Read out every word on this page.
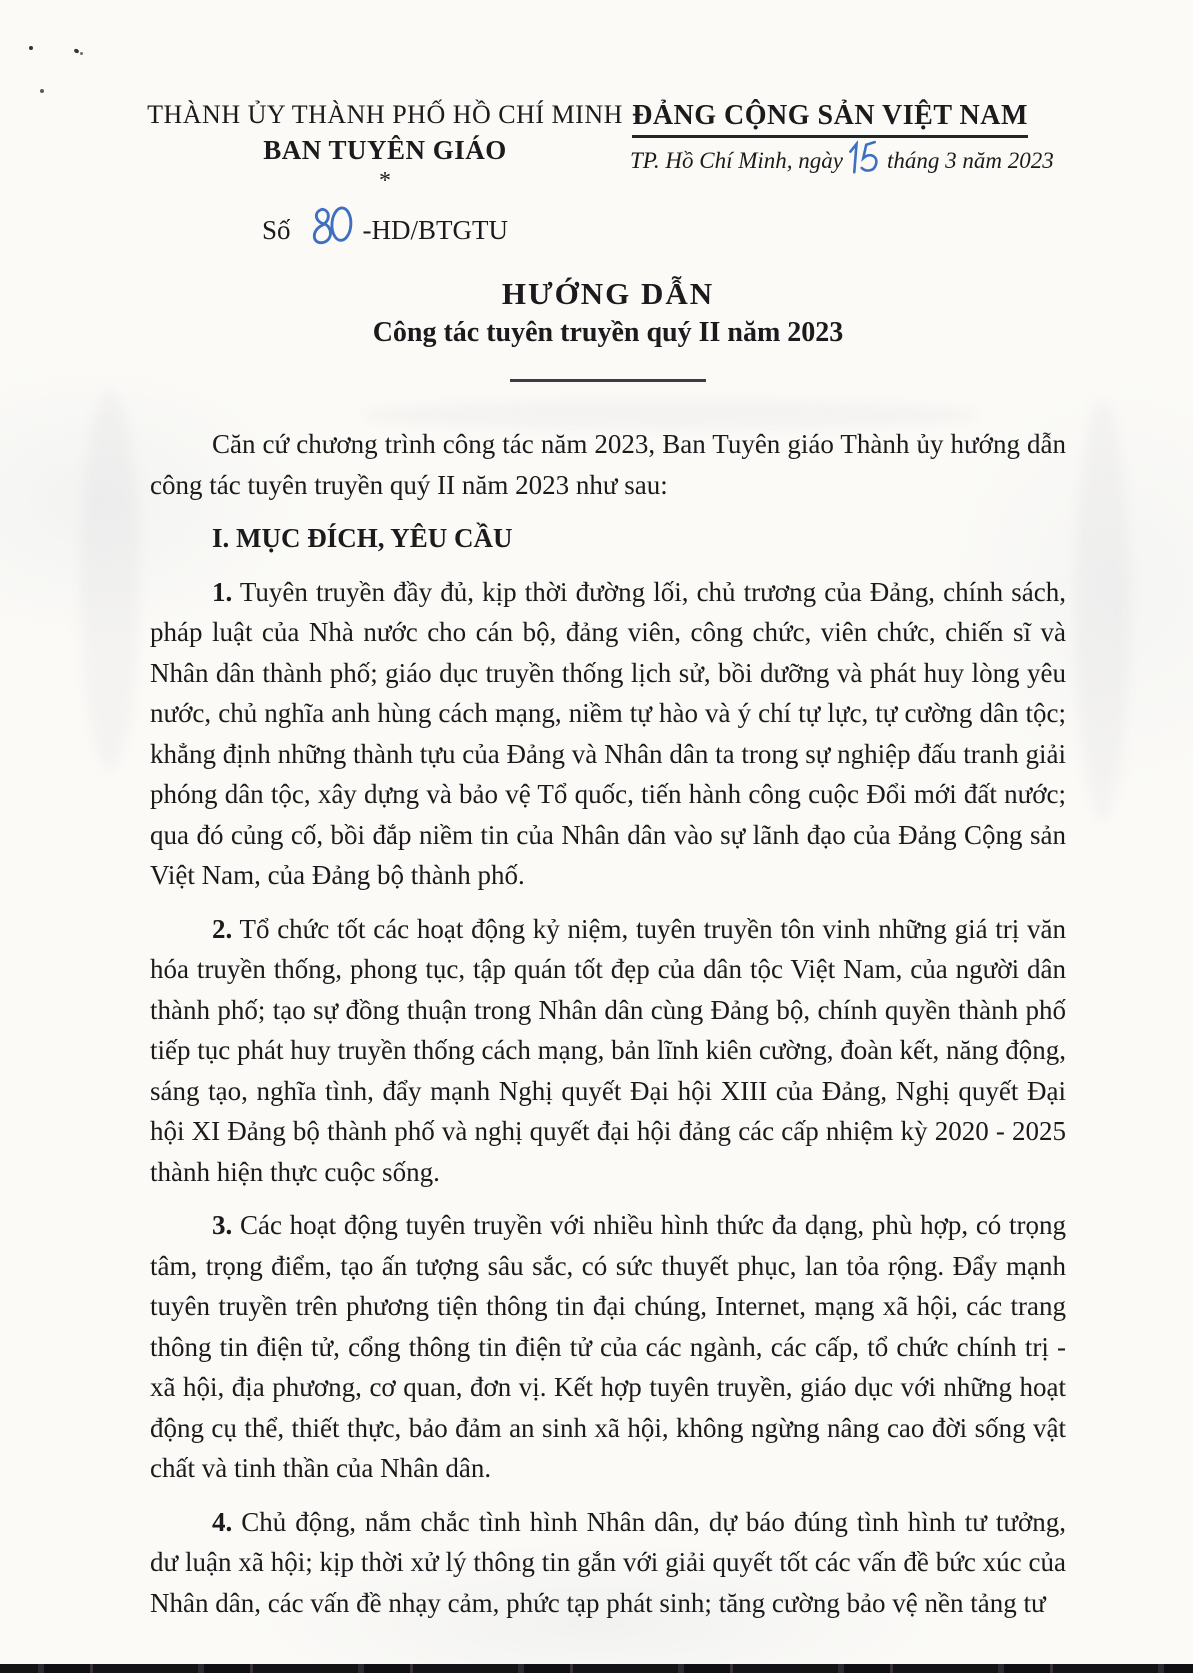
THÀNH ỦY THÀNH PHỐ HỒ CHÍ MINH
BAN TUYÊN GIÁO
*
Số	-HD/BTGTU
ĐẢNG CỘNG SẢN VIỆT NAM
TP. Hồ Chí Minh, ngày tháng 3 năm 2023
HƯỚNG DẪN
Công tác tuyên truyền quý II năm 2023

Căn cứ chương trình công tác năm 2023, Ban Tuyên giáo Thành ủy hướng dẫn công tác tuyên truyền quý II năm 2023 như sau:

I. MỤC ĐÍCH, YÊU CẦU

1. Tuyên truyền đầy đủ, kịp thời đường lối, chủ trương của Đảng, chính sách, pháp luật của Nhà nước cho cán bộ, đảng viên, công chức, viên chức, chiến sĩ và Nhân dân thành phố; giáo dục truyền thống lịch sử, bồi dưỡng và phát huy lòng yêu nước, chủ nghĩa anh hùng cách mạng, niềm tự hào và ý chí tự lực, tự cường dân tộc; khẳng định những thành tựu của Đảng và Nhân dân ta trong sự nghiệp đấu tranh giải phóng dân tộc, xây dựng và bảo vệ Tổ quốc, tiến hành công cuộc Đổi mới đất nước; qua đó củng cố, bồi đắp niềm tin của Nhân dân vào sự lãnh đạo của Đảng Cộng sản Việt Nam, của Đảng bộ thành phố.

2. Tổ chức tốt các hoạt động kỷ niệm, tuyên truyền tôn vinh những giá trị văn hóa truyền thống, phong tục, tập quán tốt đẹp của dân tộc Việt Nam, của người dân thành phố; tạo sự đồng thuận trong Nhân dân cùng Đảng bộ, chính quyền thành phố tiếp tục phát huy truyền thống cách mạng, bản lĩnh kiên cường, đoàn kết, năng động, sáng tạo, nghĩa tình, đẩy mạnh Nghị quyết Đại hội XIII của Đảng, Nghị quyết Đại hội XI Đảng bộ thành phố và nghị quyết đại hội đảng các cấp nhiệm kỳ 2020 - 2025 thành hiện thực cuộc sống.

3. Các hoạt động tuyên truyền với nhiều hình thức đa dạng, phù hợp, có trọng tâm, trọng điểm, tạo ấn tượng sâu sắc, có sức thuyết phục, lan tỏa rộng. Đẩy mạnh tuyên truyền trên phương tiện thông tin đại chúng, Internet, mạng xã hội, các trang thông tin điện tử, cổng thông tin điện tử của các ngành, các cấp, tổ chức chính trị - xã hội, địa phương, cơ quan, đơn vị. Kết hợp tuyên truyền, giáo dục với những hoạt động cụ thể, thiết thực, bảo đảm an sinh xã hội, không ngừng nâng cao đời sống vật chất và tinh thần của Nhân dân.

4. Chủ động, nắm chắc tình hình Nhân dân, dự báo đúng tình hình tư tưởng, dư luận xã hội; kịp thời xử lý thông tin gắn với giải quyết tốt các vấn đề bức xúc của Nhân dân, các vấn đề nhạy cảm, phức tạp phát sinh; tăng cường bảo vệ nền tảng tư
